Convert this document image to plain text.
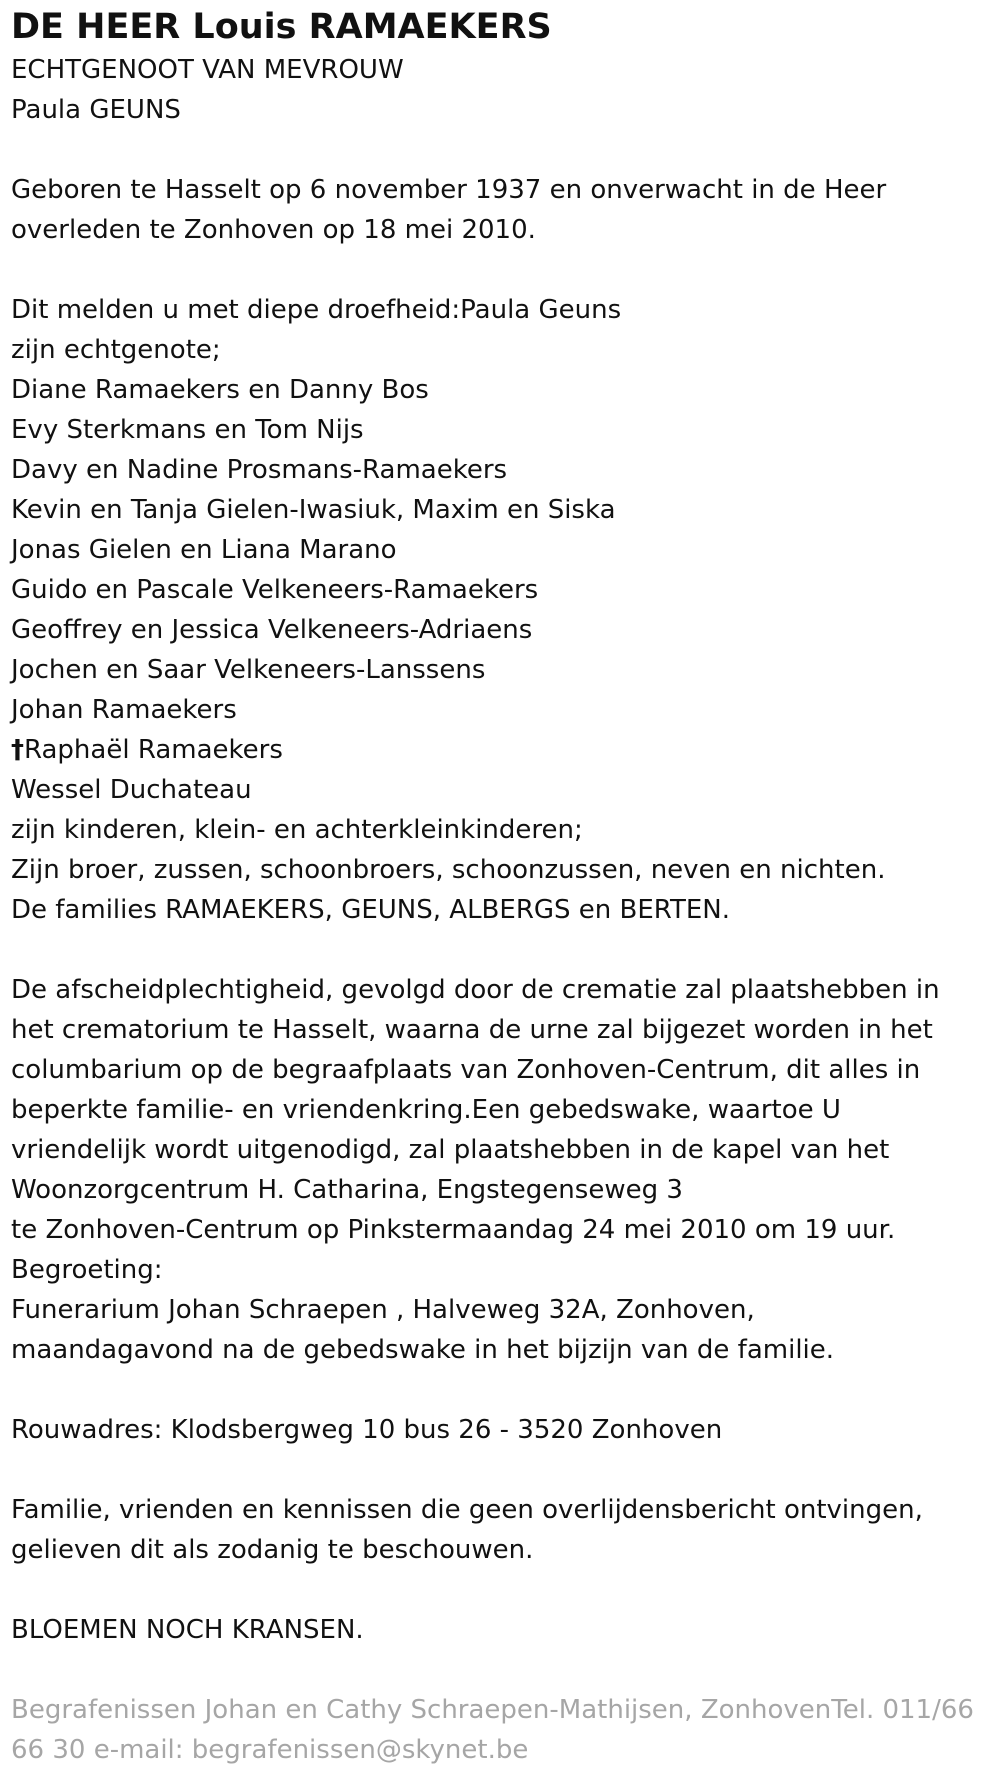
DE HEER Louis RAMAEKERS
ECHTGENOOT VAN MEVROUW
Paula GEUNS
Geboren te Hasselt op 6 november 1937 en onverwacht in de Heer
overleden te Zonhoven op 18 mei 2010.
Dit melden u met diepe droefheid:Paula Geuns
zijn echtgenote;
Diane Ramaekers en Danny Bos
Evy Sterkmans en Tom Nijs
Davy en Nadine Prosmans-Ramaekers
Kevin en Tanja Gielen-Iwasiuk, Maxim en Siska
Jonas Gielen en Liana Marano
Guido en Pascale Velkeneers-Ramaekers
Geoffrey en Jessica Velkeneers-Adriaens
Jochen en Saar Velkeneers-Lanssens
Johan Ramaekers
†Raphaël Ramaekers
Wessel Duchateau
zijn kinderen, klein- en achterkleinkinderen;
Zijn broer, zussen, schoonbroers, schoonzussen, neven en nichten.
De families RAMAEKERS, GEUNS, ALBERGS en BERTEN.
De afscheidplechtigheid, gevolgd door de crematie zal plaatshebben in
het crematorium te Hasselt, waarna de urne zal bijgezet worden in het
columbarium op de begraafplaats van Zonhoven-Centrum, dit alles in
beperkte familie- en vriendenkring.Een gebedswake, waartoe U
vriendelijk wordt uitgenodigd, zal plaatshebben in de kapel van het
Woonzorgcentrum H. Catharina, Engstegenseweg 3
te Zonhoven-Centrum op Pinkstermaandag 24 mei 2010 om 19 uur.
Begroeting:
Funerarium Johan Schraepen , Halveweg 32A, Zonhoven,
maandagavond na de gebedswake in het bijzijn van de familie.
Rouwadres: Klodsbergweg 10 bus 26 - 3520 Zonhoven
Familie, vrienden en kennissen die geen overlijdensbericht ontvingen,
gelieven dit als zodanig te beschouwen.
BLOEMEN NOCH KRANSEN.
Begrafenissen Johan en Cathy Schraepen-Mathijsen, ZonhovenTel. 011/66
66 30 e-mail: begrafenissen@skynet.be
